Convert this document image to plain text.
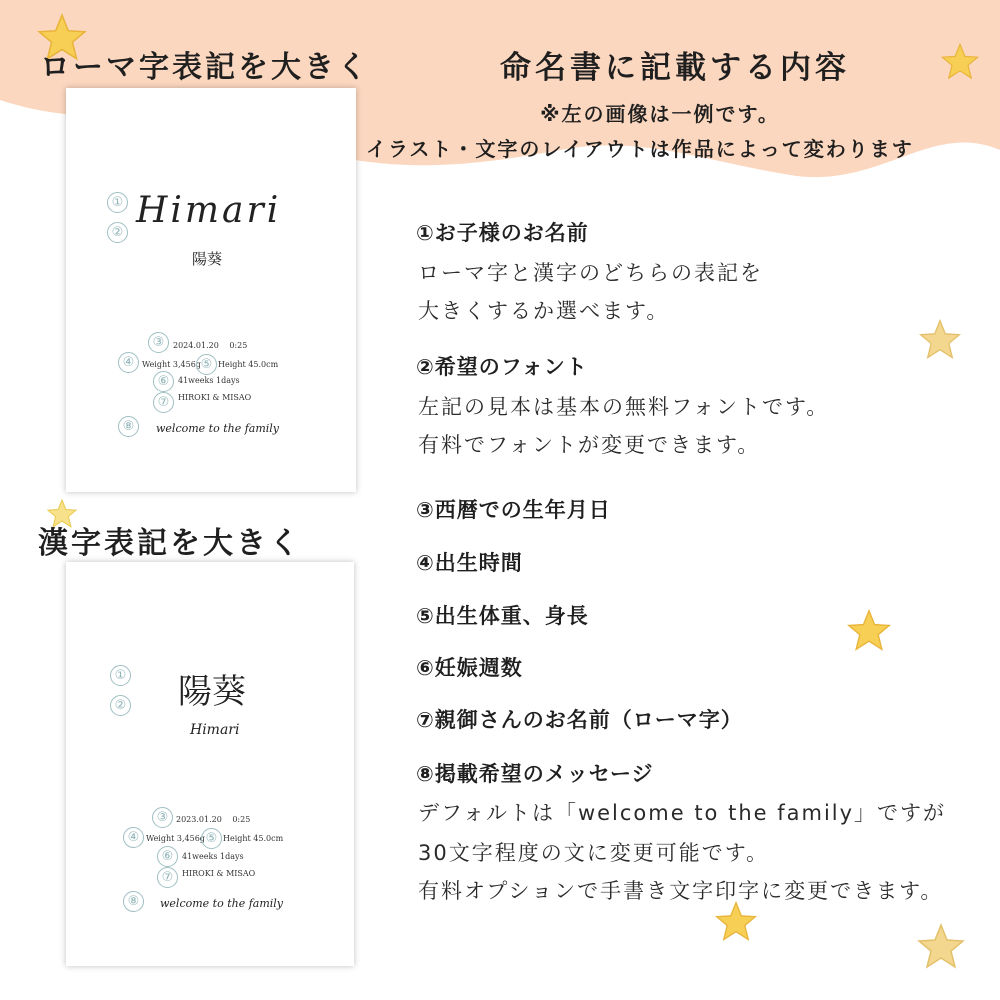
ローマ字表記を大きく
漢字表記を大きく
命名書に記載する内容
※左の画像は一例です。
イラスト・文字のレイアウトは作品によって変わります
①
②
Himari
陽葵
③	2024.01.20　 0:25
④ Weight 3,456g ⑤ Height 45.0cm
⑥	41weeks 1days
⑦	HIROKI & MISAO
⑧	welcome to the family
①
② 陽葵
Himari
③ 2023.01.20　 0:25
④ Weight 3,456g ⑤ Height 45.0cm
⑥	41weeks 1days
⑦	HIROKI & MISAO
⑧	welcome to the family
①お子様のお名前
ローマ字と漢字のどちらの表記を
大きくするか選べます。
②希望のフォント
左記の見本は基本の無料フォントです。
有料でフォントが変更できます。
③西暦での生年月日
④出生時間
⑤出生体重、身長
⑥妊娠週数
⑦親御さんのお名前（ローマ字）
⑧掲載希望のメッセージ
デフォルトは「welcome to the family」ですが
30文字程度の文に変更可能です。
有料オプションで手書き文字印字に変更できます。
